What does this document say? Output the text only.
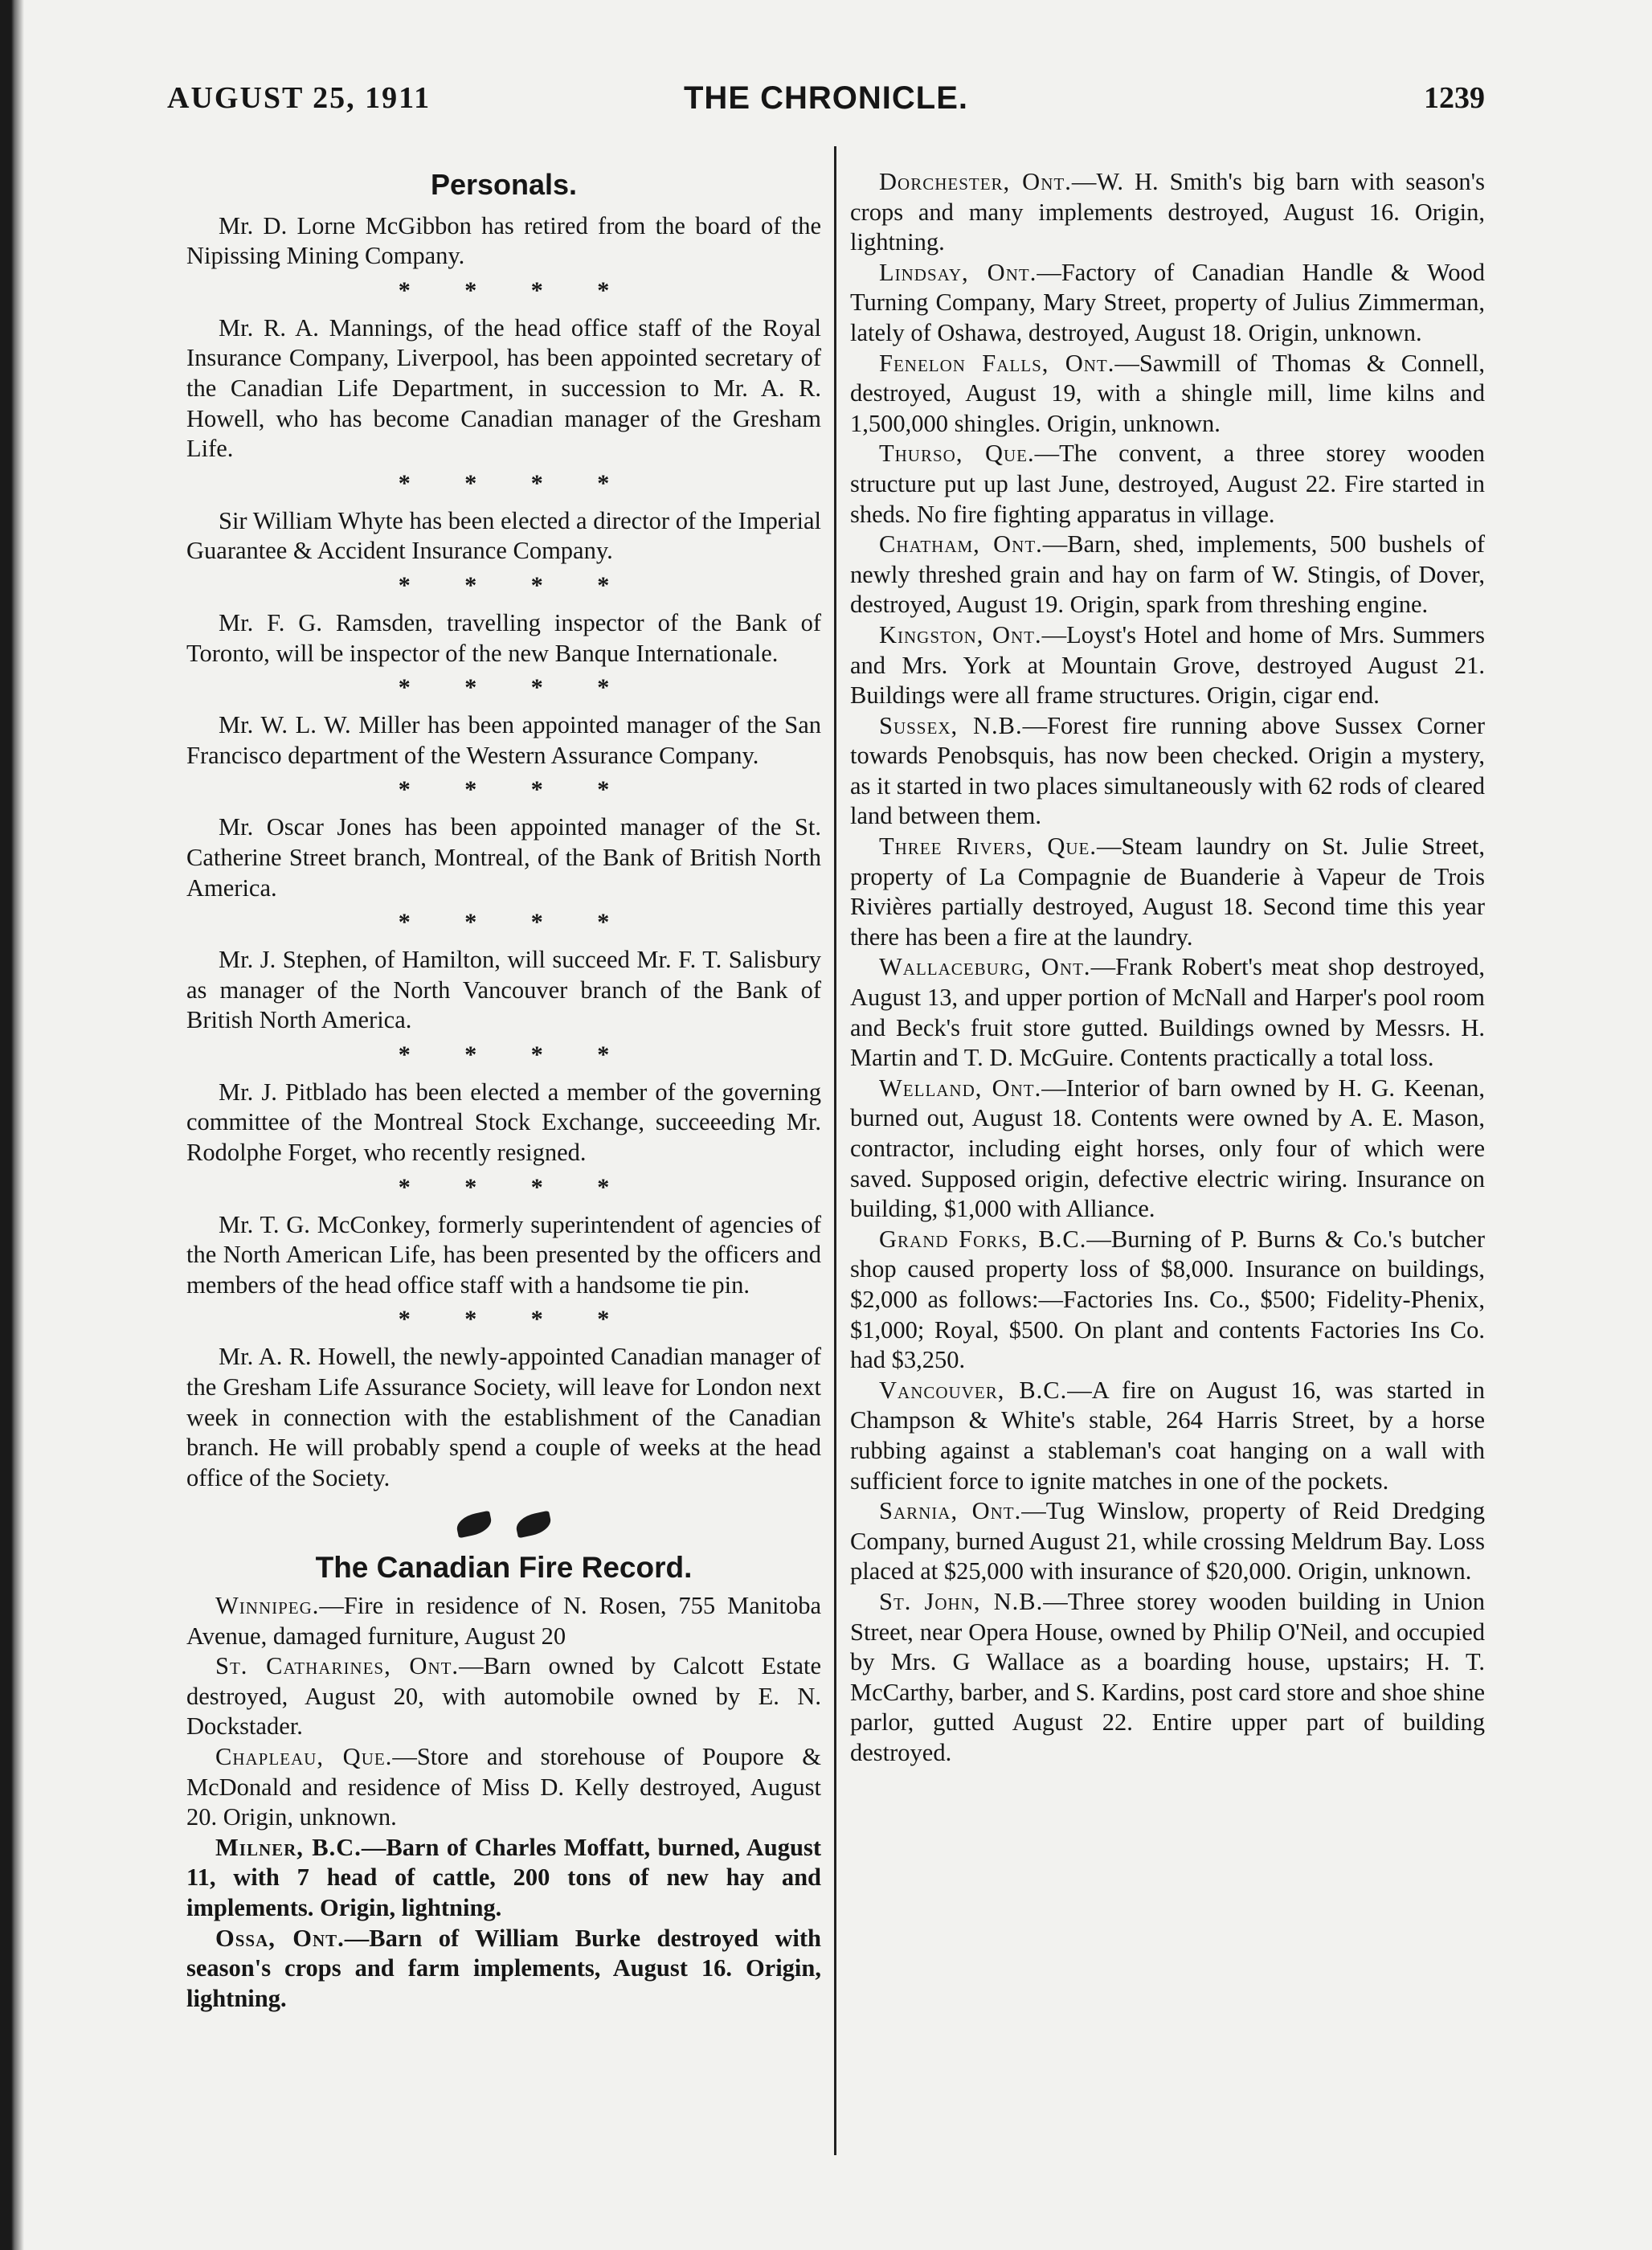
AUGUST 25, 1911	THE CHRONICLE.	1239
Personals.

Mr. D. Lorne McGibbon has retired from the board of the Nipissing Mining Company.

* * * *

Mr. R. A. Mannings, of the head office staff of the Royal Insurance Company, Liverpool, has been appointed secretary of the Canadian Life Department, in succession to Mr. A. R. Howell, who has become Canadian manager of the Gresham Life.

* * * *

Sir William Whyte has been elected a director of the Imperial Guarantee & Accident Insurance Company.

* * * *

Mr. F. G. Ramsden, travelling inspector of the Bank of Toronto, will be inspector of the new Banque Internationale.

* * * *

Mr. W. L. W. Miller has been appointed manager of the San Francisco department of the Western Assurance Company.

* * * *

Mr. Oscar Jones has been appointed manager of the St. Catherine Street branch, Montreal, of the Bank of British North America.

* * * *

Mr. J. Stephen, of Hamilton, will succeed Mr. F. T. Salisbury as manager of the North Vancouver branch of the Bank of British North America.

* * * *

Mr. J. Pitblado has been elected a member of the governing committee of the Montreal Stock Exchange, succeeeding Mr. Rodolphe Forget, who recently resigned.

* * * *

Mr. T. G. McConkey, formerly superintendent of agencies of the North American Life, has been presented by the officers and members of the head office staff with a handsome tie pin.

* * * *

Mr. A. R. Howell, the newly-appointed Canadian manager of the Gresham Life Assurance Society, will leave for London next week in connection with the establishment of the Canadian branch. He will probably spend a couple of weeks at the head office of the Society.

The Canadian Fire Record.

Winnipeg.—Fire in residence of N. Rosen, 755 Manitoba Avenue, damaged furniture, August 20

St. Catharines, Ont.—Barn owned by Calcott Estate destroyed, August 20, with automobile owned by E. N. Dockstader.

Chapleau, Que.—Store and storehouse of Poupore & McDonald and residence of Miss D. Kelly destroyed, August 20. Origin, unknown.

Milner, B.C.—Barn of Charles Moffatt, burned, August 11, with 7 head of cattle, 200 tons of new hay and implements. Origin, lightning.

Ossa, Ont.—Barn of William Burke destroyed with season's crops and farm implements, August 16. Origin, lightning.

Dorchester, Ont.—W. H. Smith's big barn with season's crops and many implements destroyed, August 16. Origin, lightning.

Lindsay, Ont.—Factory of Canadian Handle & Wood Turning Company, Mary Street, property of Julius Zimmerman, lately of Oshawa, destroyed, August 18. Origin, unknown.

Fenelon Falls, Ont.—Sawmill of Thomas & Connell, destroyed, August 19, with a shingle mill, lime kilns and 1,500,000 shingles. Origin, unknown.

Thurso, Que.—The convent, a three storey wooden structure put up last June, destroyed, August 22. Fire started in sheds. No fire fighting apparatus in village.

Chatham, Ont.—Barn, shed, implements, 500 bushels of newly threshed grain and hay on farm of W. Stingis, of Dover, destroyed, August 19. Origin, spark from threshing engine.

Kingston, Ont.—Loyst's Hotel and home of Mrs. Summers and Mrs. York at Mountain Grove, destroyed August 21. Buildings were all frame structures. Origin, cigar end.

Sussex, N.B.—Forest fire running above Sussex Corner towards Penobsquis, has now been checked. Origin a mystery, as it started in two places simultaneously with 62 rods of cleared land between them.

Three Rivers, Que.—Steam laundry on St. Julie Street, property of La Compagnie de Buanderie à Vapeur de Trois Rivières partially destroyed, August 18. Second time this year there has been a fire at the laundry.

Wallaceburg, Ont.—Frank Robert's meat shop destroyed, August 13, and upper portion of McNall and Harper's pool room and Beck's fruit store gutted. Buildings owned by Messrs. H. Martin and T. D. McGuire. Contents practically a total loss.

Welland, Ont.—Interior of barn owned by H. G. Keenan, burned out, August 18. Contents were owned by A. E. Mason, contractor, including eight horses, only four of which were saved. Supposed origin, defective electric wiring. Insurance on building, $1,000 with Alliance.

Grand Forks, B.C.—Burning of P. Burns & Co.'s butcher shop caused property loss of $8,000. Insurance on buildings, $2,000 as follows:—Factories Ins. Co., $500; Fidelity-Phenix, $1,000; Royal, $500. On plant and contents Factories Ins Co. had $3,250.

Vancouver, B.C.—A fire on August 16, was started in Champson & White's stable, 264 Harris Street, by a horse rubbing against a stableman's coat hanging on a wall with sufficient force to ignite matches in one of the pockets.

Sarnia, Ont.—Tug Winslow, property of Reid Dredging Company, burned August 21, while crossing Meldrum Bay. Loss placed at $25,000 with insurance of $20,000. Origin, unknown.

St. John, N.B.—Three storey wooden building in Union Street, near Opera House, owned by Philip O'Neil, and occupied by Mrs. G Wallace as a boarding house, upstairs; H. T. McCarthy, barber, and S. Kardins, post card store and shoe shine parlor, gutted August 22. Entire upper part of building destroyed.
